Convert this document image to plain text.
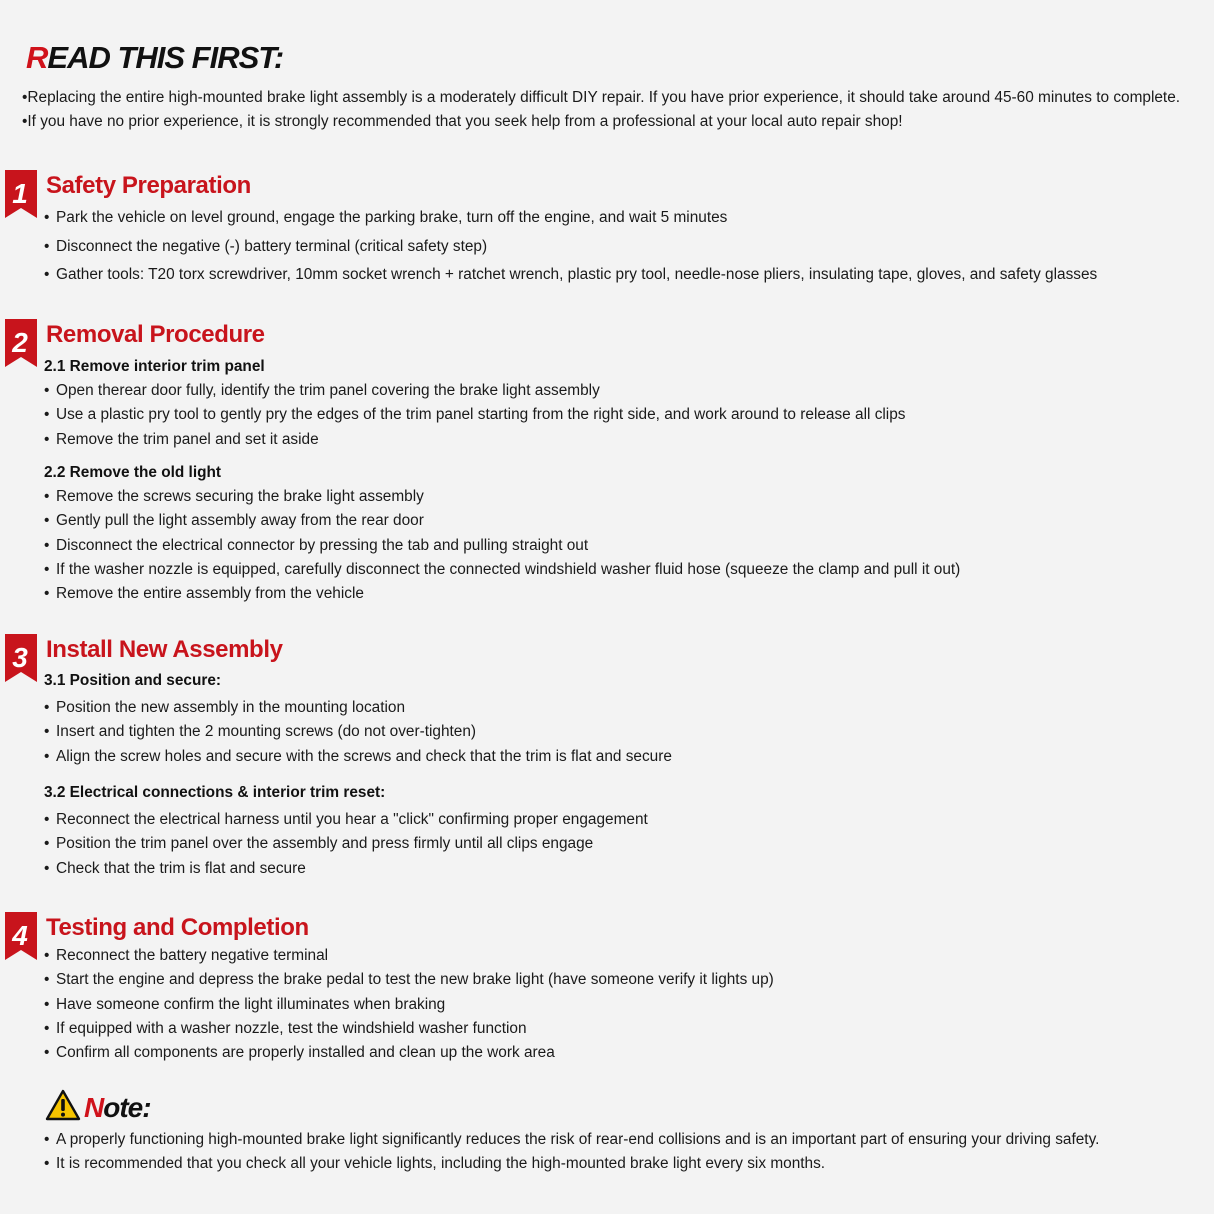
READ THIS FIRST:
•Replacing the entire high-mounted brake light assembly is a moderately difficult DIY repair. If you have prior experience, it should take around 45-60 minutes to complete.
•If you have no prior experience, it is strongly recommended that you seek help from a professional at your local auto repair shop!
1
2
3
4
Safety Preparation
• Park the vehicle on level ground, engage the parking brake, turn off the engine, and wait 5 minutes
• Disconnect the negative (-) battery terminal (critical safety step)
• Gather tools: T20 torx screwdriver, 10mm socket wrench + ratchet wrench, plastic pry tool, needle-nose pliers, insulating tape, gloves, and safety glasses
Removal Procedure
2.1 Remove interior trim panel
• Open therear door fully, identify the trim panel covering the brake light assembly
• Use a plastic pry tool to gently pry the edges of the trim panel starting from the right side, and work around to release all clips
• Remove the trim panel and set it aside
2.2 Remove the old light
• Remove the screws securing the brake light assembly
• Gently pull the light assembly away from the rear door
• Disconnect the electrical connector by pressing the tab and pulling straight out
• If the washer nozzle is equipped, carefully disconnect the connected windshield washer fluid hose (squeeze the clamp and pull it out)
• Remove the entire assembly from the vehicle
Install New Assembly
3.1 Position and secure:
• Position the new assembly in the mounting location
• Insert and tighten the 2 mounting screws (do not over-tighten)
• Align the screw holes and secure with the screws and check that the trim is flat and secure
3.2 Electrical connections & interior trim reset:
• Reconnect the electrical harness until you hear a "click" confirming proper engagement
• Position the trim panel over the assembly and press firmly until all clips engage
• Check that the trim is flat and secure
Testing and Completion
• Reconnect the battery negative terminal
• Start the engine and depress the brake pedal to test the new brake light (have someone verify it lights up)
• Have someone confirm the light illuminates when braking
• If equipped with a washer nozzle, test the windshield washer function
• Confirm all components are properly installed and clean up the work area
Note:
• A properly functioning high-mounted brake light significantly reduces the risk of rear-end collisions and is an important part of ensuring your driving safety.
• It is recommended that you check all your vehicle lights, including the high-mounted brake light every six months.
